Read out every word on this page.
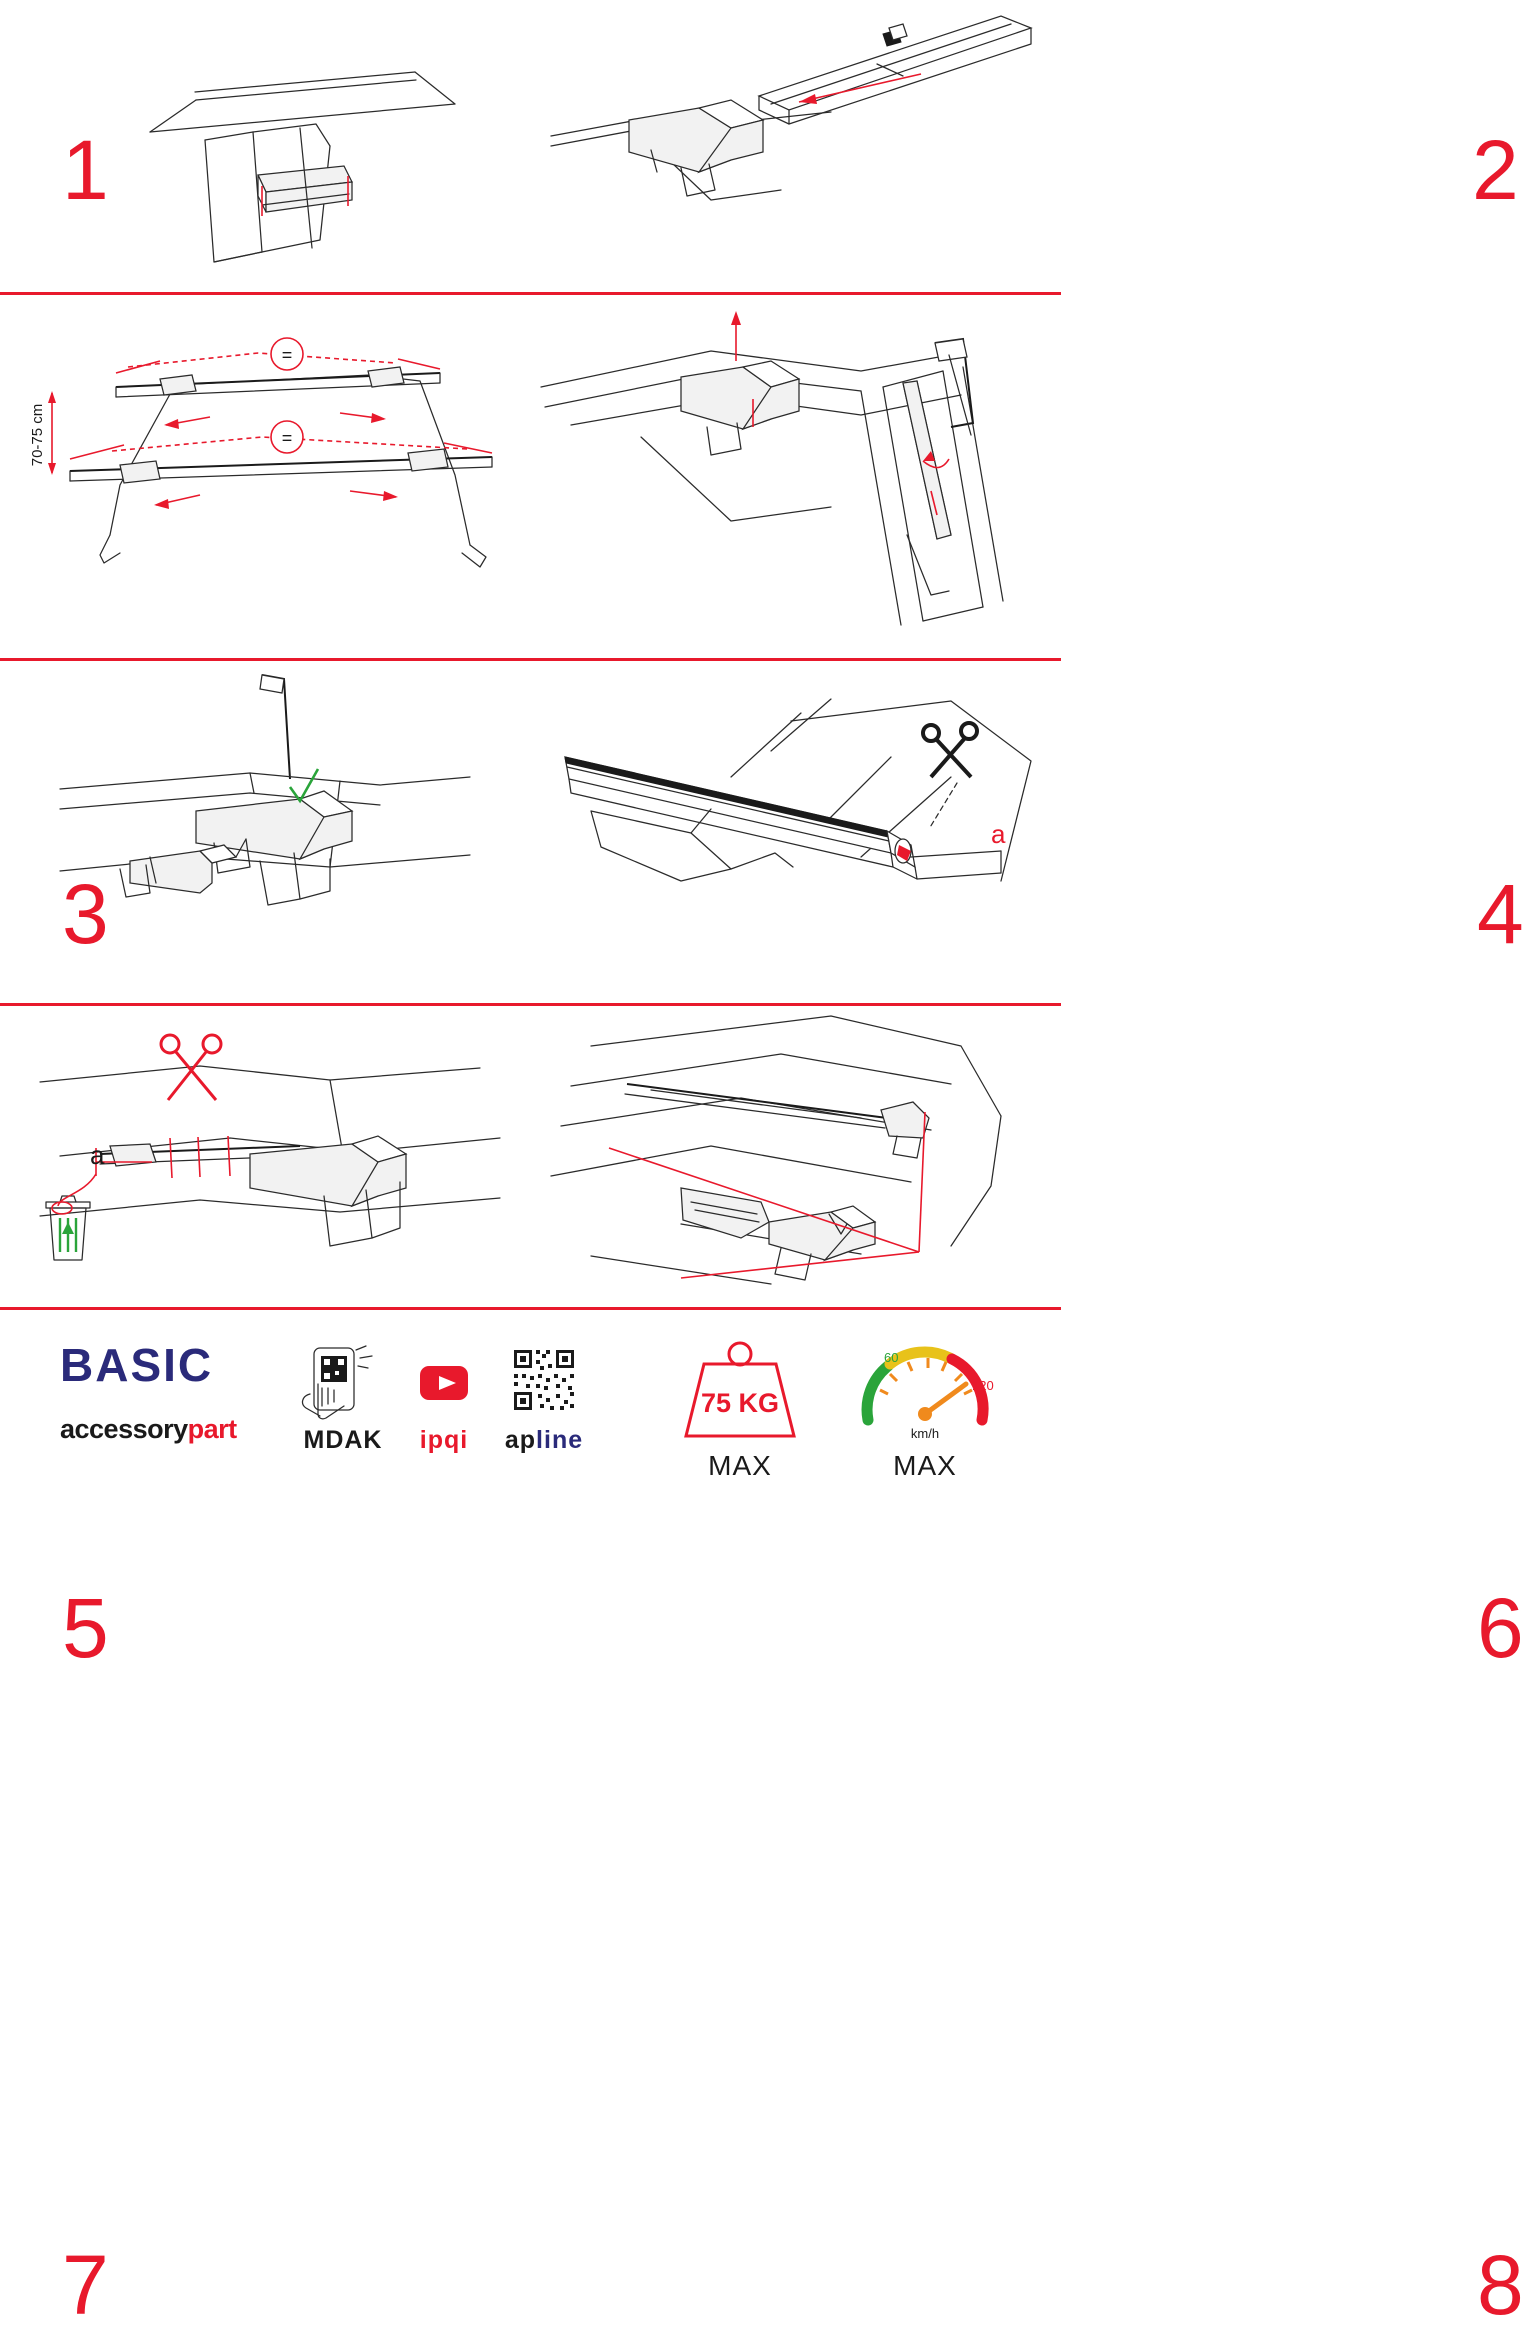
1	2
=
=
70-75 cm
3	4
5
a
6
a
7	8
BASIC
accessorypart	MDAK	ipqi	apline
75 KG
MAX
60
120
km/h
MAX
